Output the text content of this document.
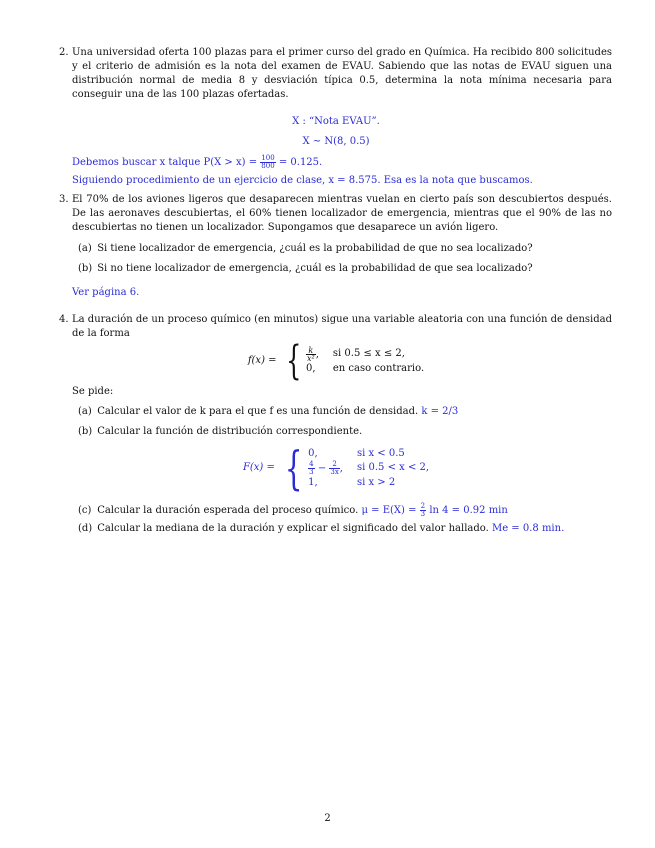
2. Una universidad oferta 100 plazas para el primer curso del grado en Química. Ha recibido 800 solicitudes y el criterio de admisión es la nota del examen de EVAU. Sabiendo que las notas de EVAU siguen una distribución normal de media 8 y desviación típica 0.5, determina la nota mínima necesaria para conseguir una de las 100 plazas ofertadas.
X : “Nota EVAU”.
X ∼ N(8, 0.5)
Debemos buscar x talque $P(X > x) = \frac{100}{800} = 0.125$.
Siguiendo procedimiento de un ejercicio de clase, x = 8.575. Esa es la nota que buscamos.
3. El 70% de los aviones ligeros que desaparecen mientras vuelan en cierto país son descubiertos después. De las aeronaves descubiertas, el 60% tienen localizador de emergencia, mientras que el 90% de las no descubiertas no tienen un localizador. Supongamos que desaparece un avión ligero.
(a) Si tiene localizador de emergencia, ¿cuál es la probabilidad de que no sea localizado?
(b) Si no tiene localizador de emergencia, ¿cuál es la probabilidad de que sea localizado?
Ver página 6.
4. La duración de un proceso químico (en minutos) sigue una variable aleatoria con una función de densidad de la forma
f(x) = { $\frac{k}{\text{x²}}$ , si 0.5 ≤ x ≤ 2,
0,	en caso contrario.
Se pide:
(a) Calcular el valor de k para el que f es una función de densidad. k = 2/3
(b) Calcular la función de distribución correspondiente.
F(x) = { 0,	si x < 0.5
$\frac{4}{3} - \frac{2}{3x}$ , si 0.5 < x < 2,
1,	si x > 2
(c) Calcular la duración esperada del proceso químico. $\mu = E(X) = \frac{2}{3}$ ln 4 = 0.92 min
(d) Calcular la mediana de la duración y explicar el significado del valor hallado. Me = 0.8 min.
2
